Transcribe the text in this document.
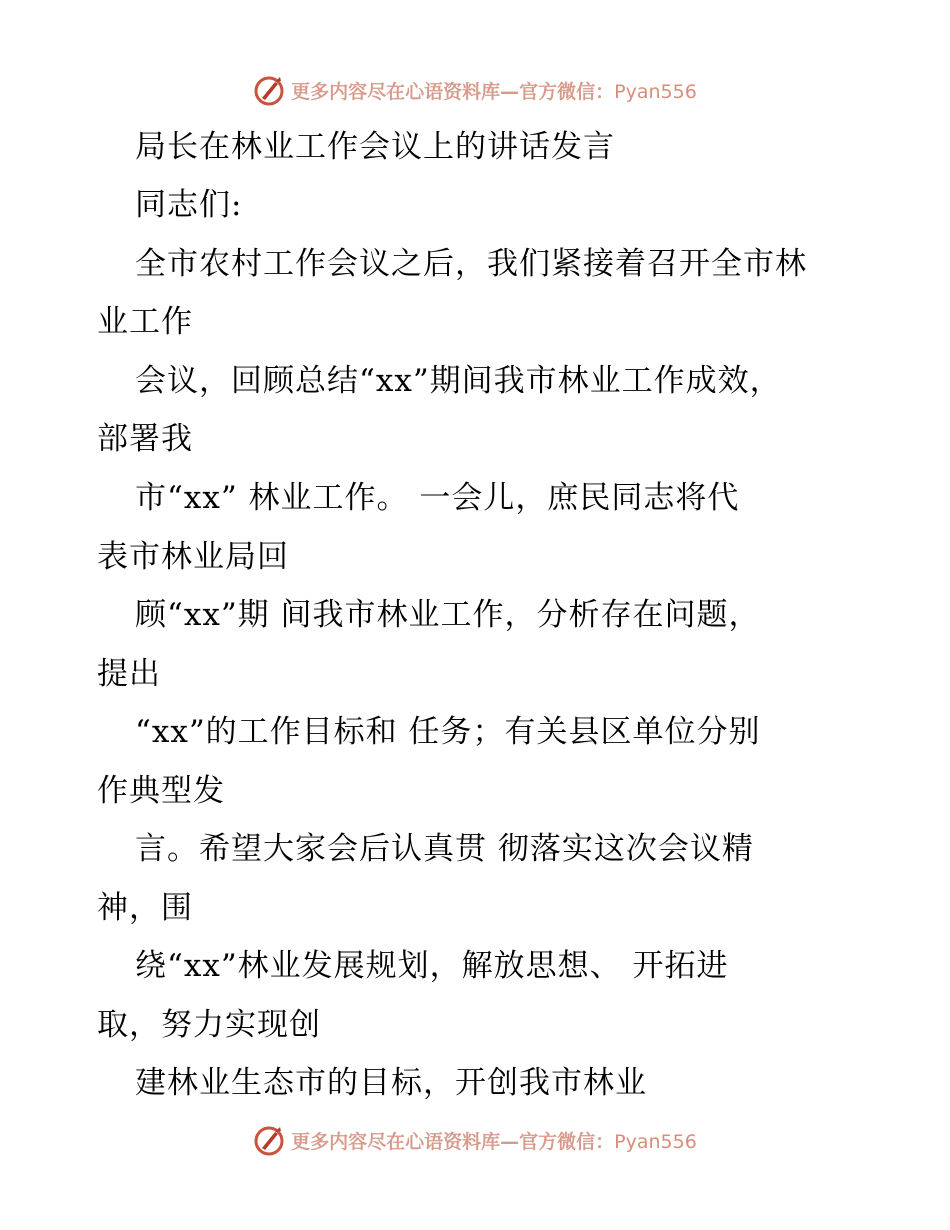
更多内容尽在心语资料库—官方微信：Pyan556
局长在林业工作会议上的讲话发言
同志们:
全市农村工作会议之后，我们紧接着召开全市林
业工作
会议，回顾总结“xx”期间我市林业工作成效，
部署我
市“xx” 林业工作。 一会儿，庶民同志将代
表市林业局回
顾“xx”期 间我市林业工作，分析存在问题，
提出
“xx”的工作目标和 任务；有关县区单位分别
作典型发
言。希望大家会后认真贯 彻落实这次会议精
神，围
绕“xx”林业发展规划，解放思想、 开拓进
取，努力实现创
建林业生态市的目标，开创我市林业
更多内容尽在心语资料库—官方微信：Pyan556
